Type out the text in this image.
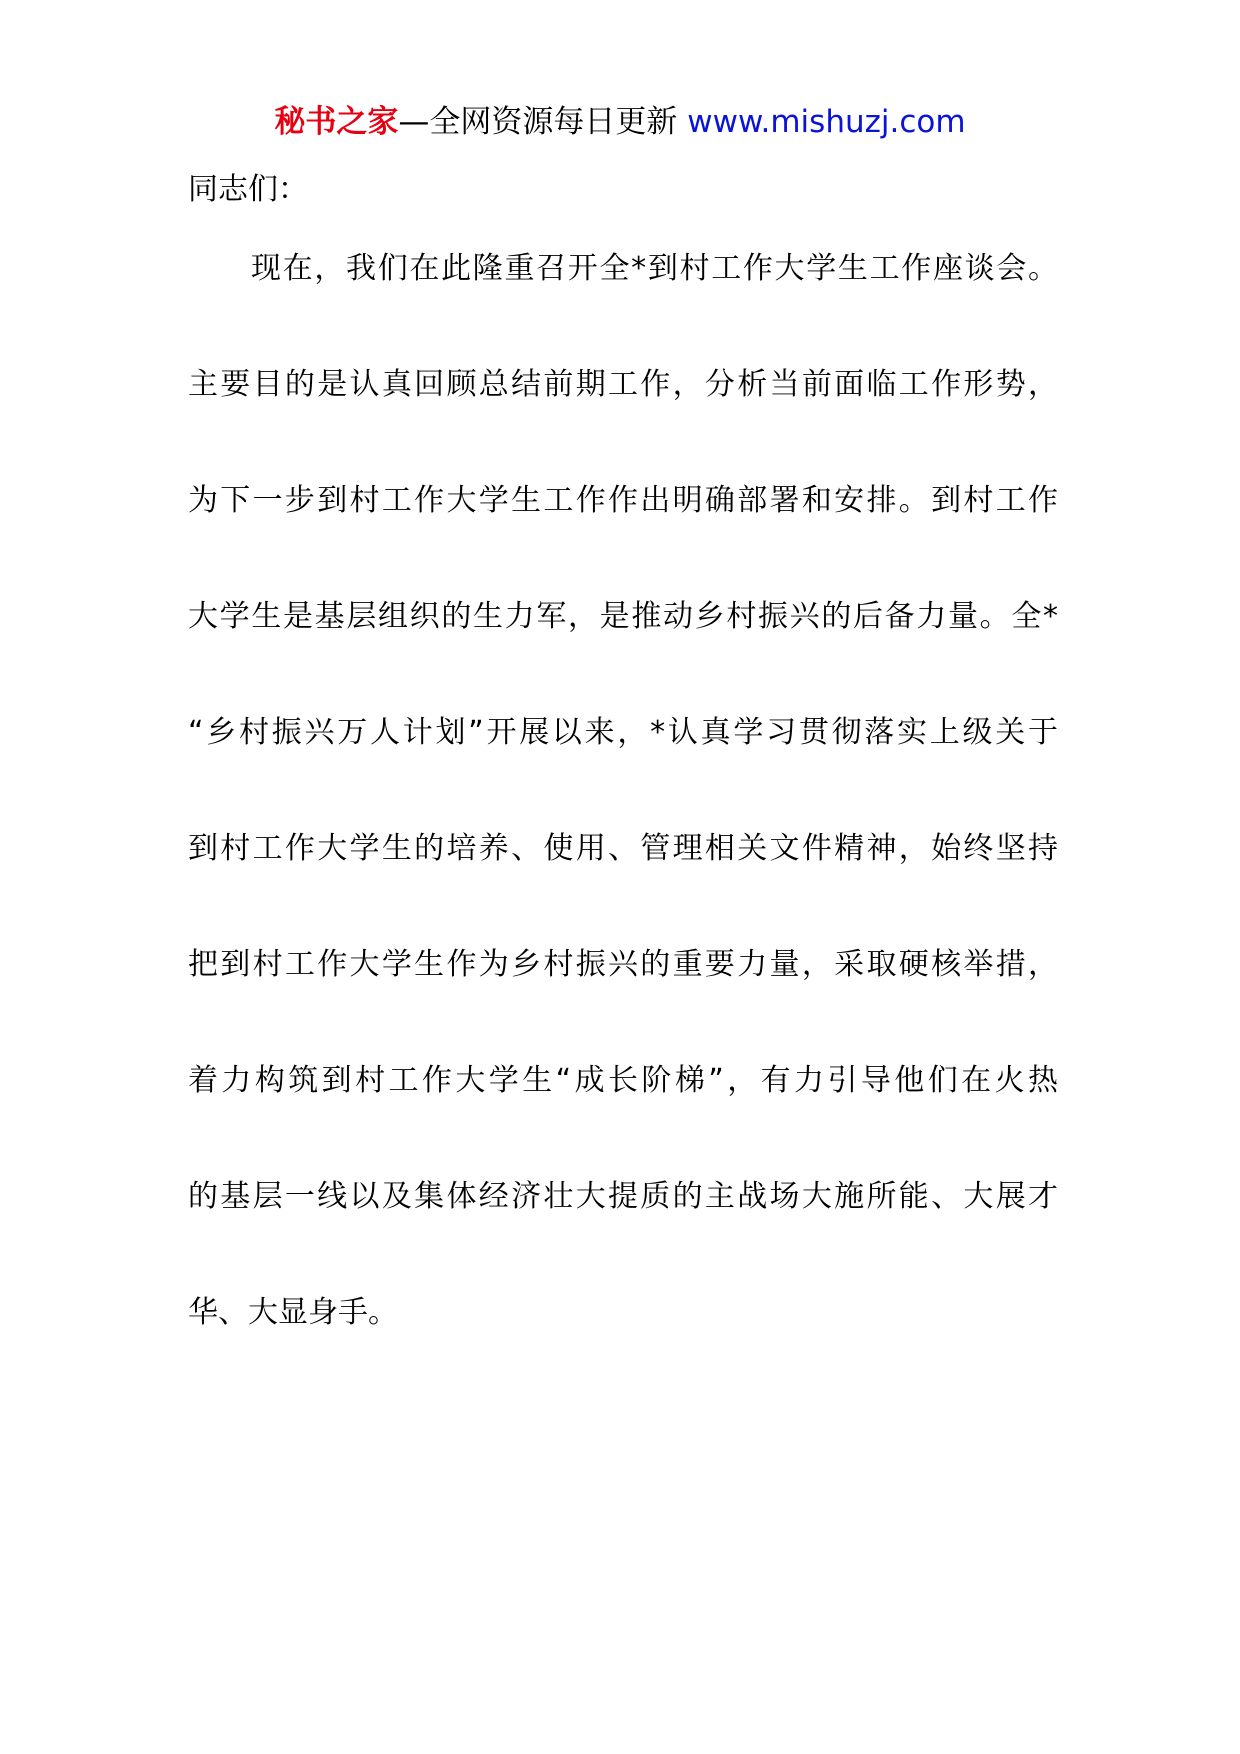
秘书之家—全网资源每日更新 www.mishuzj.com
同志们：
现在，我们在此隆重召开全*到村工作大学生工作座谈会。
主要目的是认真回顾总结前期工作，分析当前面临工作形势，
为下一步到村工作大学生工作作出明确部署和安排。到村工作
大学生是基层组织的生力军，是推动乡村振兴的后备力量。全*
“乡村振兴万人计划”开展以来，*认真学习贯彻落实上级关于
到村工作大学生的培养、使用、管理相关文件精神，始终坚持
把到村工作大学生作为乡村振兴的重要力量，采取硬核举措，
着力构筑到村工作大学生“成长阶梯”，有力引导他们在火热
的基层一线以及集体经济壮大提质的主战场大施所能、大展才
华、大显身手。
